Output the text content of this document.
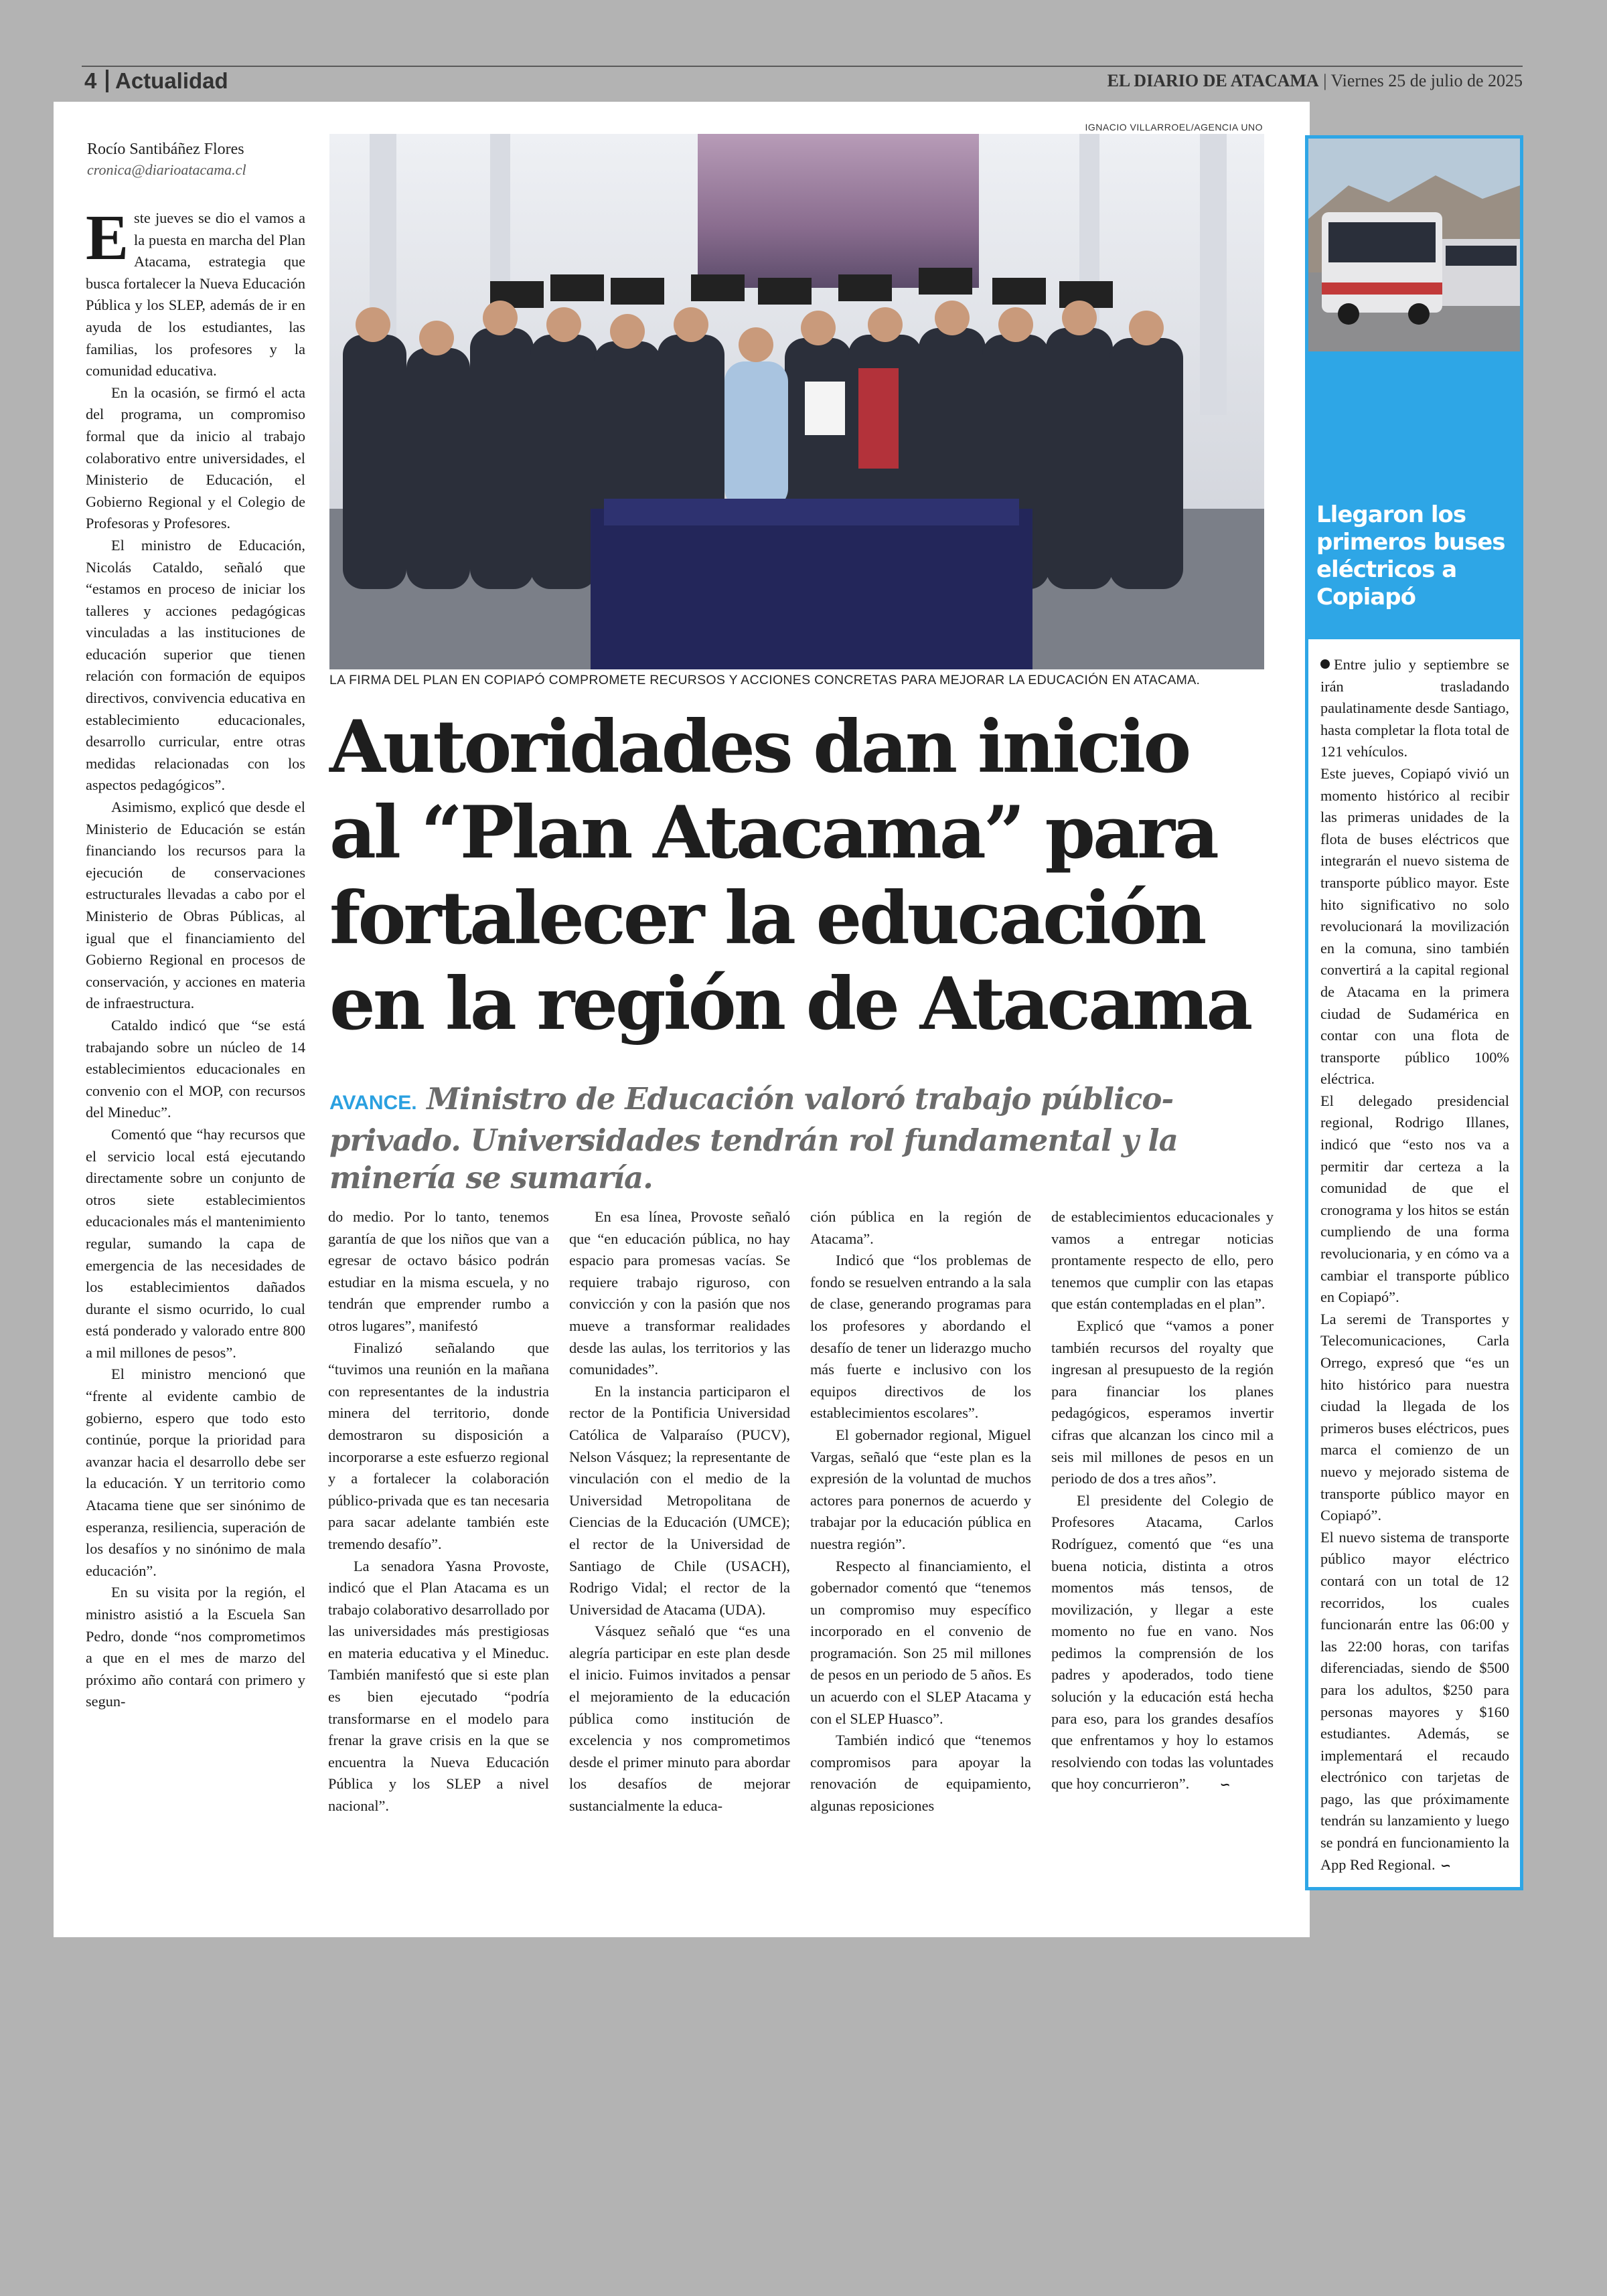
4 Actualidad	EL DIARIO DE ATACAMA | Viernes 25 de julio de 2025
Rocío Santibáñez Flores
cronica@diarioatacama.cl
IGNACIO VILLARROEL/AGENCIA UNO
LA FIRMA DEL PLAN EN COPIAPÓ COMPROMETE RECURSOS Y ACCIONES CONCRETAS PARA MEJORAR LA EDUCACIÓN EN ATACAMA.
Autoridades dan inicio al “Plan Atacama” para fortalecer la educación en la región de Atacama
AVANCE. Ministro de Educación valoró trabajo público-privado. Universidades tendrán rol fundamental y la minería se sumaría.

Este jueves se dio el vamos a la puesta en marcha del Plan Atacama, estrategia que busca fortalecer la Nueva Educación Pública y los SLEP, además de ir en ayuda de los estudiantes, las familias, los profesores y la comunidad educativa.

En la ocasión, se firmó el acta del programa, un compromiso formal que da inicio al trabajo colaborativo entre universidades, el Ministerio de Educación, el Gobierno Regional y el Colegio de Profesoras y Profesores.

El ministro de Educación, Nicolás Cataldo, señaló que “estamos en proceso de iniciar los talleres y acciones pedagógicas vinculadas a las instituciones de educación superior que tienen relación con formación de equipos directivos, convivencia educativa en establecimiento educacionales, desarrollo curricular, entre otras medidas relacionadas con los aspectos pedagógicos”.

Asimismo, explicó que desde el Ministerio de Educación se están financiando los recursos para la ejecución de conservaciones estructurales llevadas a cabo por el Ministerio de Obras Públicas, al igual que el financiamiento del Gobierno Regional en procesos de conservación, y acciones en materia de infraestructura.

Cataldo indicó que “se está trabajando sobre un núcleo de 14 establecimientos educacionales en convenio con el MOP, con recursos del Mineduc”.

Comentó que “hay recursos que el servicio local está ejecutando directamente sobre un conjunto de otros siete establecimientos educacionales más el mantenimiento regular, sumando la capa de emergencia de las necesidades de los establecimientos dañados durante el sismo ocurrido, lo cual está ponderado y valorado entre 800 a mil millones de pesos”.

El ministro mencionó que “frente al evidente cambio de gobierno, espero que todo esto continúe, porque la prioridad para avanzar hacia el desarrollo debe ser la educación. Y un territorio como Atacama tiene que ser sinónimo de esperanza, resiliencia, superación de los desafíos y no sinónimo de mala educación”.

En su visita por la región, el ministro asistió a la Escuela San Pedro, donde “nos comprometimos a que en el mes de marzo del próximo año contará con primero y segun-

do medio. Por lo tanto, tenemos garantía de que los niños que van a egresar de octavo básico podrán estudiar en la misma escuela, y no tendrán que emprender rumbo a otros lugares”, manifestó

Finalizó señalando que “tuvimos una reunión en la mañana con representantes de la industria minera del territorio, donde demostraron su disposición a incorporarse a este esfuerzo regional y a fortalecer la colaboración público-privada que es tan necesaria para sacar adelante también este tremendo desafío”.

La senadora Yasna Provoste, indicó que el Plan Atacama es un trabajo colaborativo desarrollado por las universidades más prestigiosas en materia educativa y el Mineduc. También manifestó que si este plan es bien ejecutado “podría transformarse en el modelo para frenar la grave crisis en la que se encuentra la Nueva Educación Pública y los SLEP a nivel nacional”.

En esa línea, Provoste señaló que “en educación pública, no hay espacio para promesas vacías. Se requiere trabajo riguroso, con convicción y con la pasión que nos mueve a transformar realidades desde las aulas, los territorios y las comunidades”.

En la instancia participaron el rector de la Pontificia Universidad Católica de Valparaíso (PUCV), Nelson Vásquez; la representante de vinculación con el medio de la Universidad Metropolitana de Ciencias de la Educación (UMCE); el rector de la Universidad de Santiago de Chile (USACH), Rodrigo Vidal; el rector de la Universidad de Atacama (UDA).

Vásquez señaló que “es una alegría participar en este plan desde el inicio. Fuimos invitados a pensar el mejoramiento de la educación pública como institución de excelencia y nos comprometimos desde el primer minuto para abordar los desafíos de mejorar sustancialmente la educa-

ción pública en la región de Atacama”.

Indicó que “los problemas de fondo se resuelven entrando a la sala de clase, generando programas para los profesores y abordando el desafío de tener un liderazgo mucho más fuerte e inclusivo con los equipos directivos de los establecimientos escolares”.

El gobernador regional, Miguel Vargas, señaló que “este plan es la expresión de la voluntad de muchos actores para ponernos de acuerdo y trabajar por la educación pública en nuestra región”.

Respecto al financiamiento, el gobernador comentó que “tenemos un compromiso muy específico incorporado en el convenio de programación. Son 25 mil millones de pesos en un periodo de 5 años. Es un acuerdo con el SLEP Atacama y con el SLEP Huasco”.

También indicó que “tenemos compromisos para apoyar la renovación de equipamiento, algunas reposiciones

de establecimientos educacionales y vamos a entregar noticias prontamente respecto de ello, pero tenemos que cumplir con las etapas que están contempladas en el plan”.

Explicó que “vamos a poner también recursos del royalty que ingresan al presupuesto de la región para financiar los planes pedagógicos, esperamos invertir cifras que alcanzan los cinco mil a seis mil millones de pesos en un periodo de dos a tres años”.

El presidente del Colegio de Profesores Atacama, Carlos Rodríguez, comentó que “es una buena noticia, distinta a otros momentos más tensos, de movilización, y llegar a este momento no fue en vano. Nos pedimos la comprensión de los padres y apoderados, todo tiene solución y la educación está hecha para eso, para los grandes desafíos que enfrentamos y hoy lo estamos resolviendo con todas las voluntades que hoy concurrieron”.	∽

Llegaron los primeros buses eléctricos a Copiapó

Entre julio y septiembre se irán trasladando paulatinamente desde Santiago, hasta completar la flota total de 121 vehículos.

Este jueves, Copiapó vivió un momento histórico al recibir las primeras unidades de la flota de buses eléctricos que integrarán el nuevo sistema de transporte público mayor. Este hito significativo no solo revolucionará la movilización en la comuna, sino también convertirá a la capital regional de Atacama en la primera ciudad de Sudamérica en contar con una flota de transporte público 100% eléctrica.

El delegado presidencial regional, Rodrigo Illanes, indicó que “esto nos va a permitir dar certeza a la comunidad de que el cronograma y los hitos se están cumpliendo de una forma revolucionaria, y en cómo va a cambiar el transporte público en Copiapó”.

La seremi de Transportes y Telecomunicaciones, Carla Orrego, expresó que “es un hito histórico para nuestra ciudad la llegada de los primeros buses eléctricos, pues marca el comienzo de un nuevo y mejorado sistema de transporte público mayor en Copiapó”.

El nuevo sistema de transporte público mayor eléctrico contará con un total de 12 recorridos, los cuales funcionarán entre las 06:00 y las 22:00 horas, con tarifas diferenciadas, siendo de $500 para los adultos, $250 para personas mayores y $160 estudiantes. Además, se implementará el recaudo electrónico con tarjetas de pago, las que próximamente tendrán su lanzamiento y luego se pondrá en funcionamiento la App Red Regional. ∽
